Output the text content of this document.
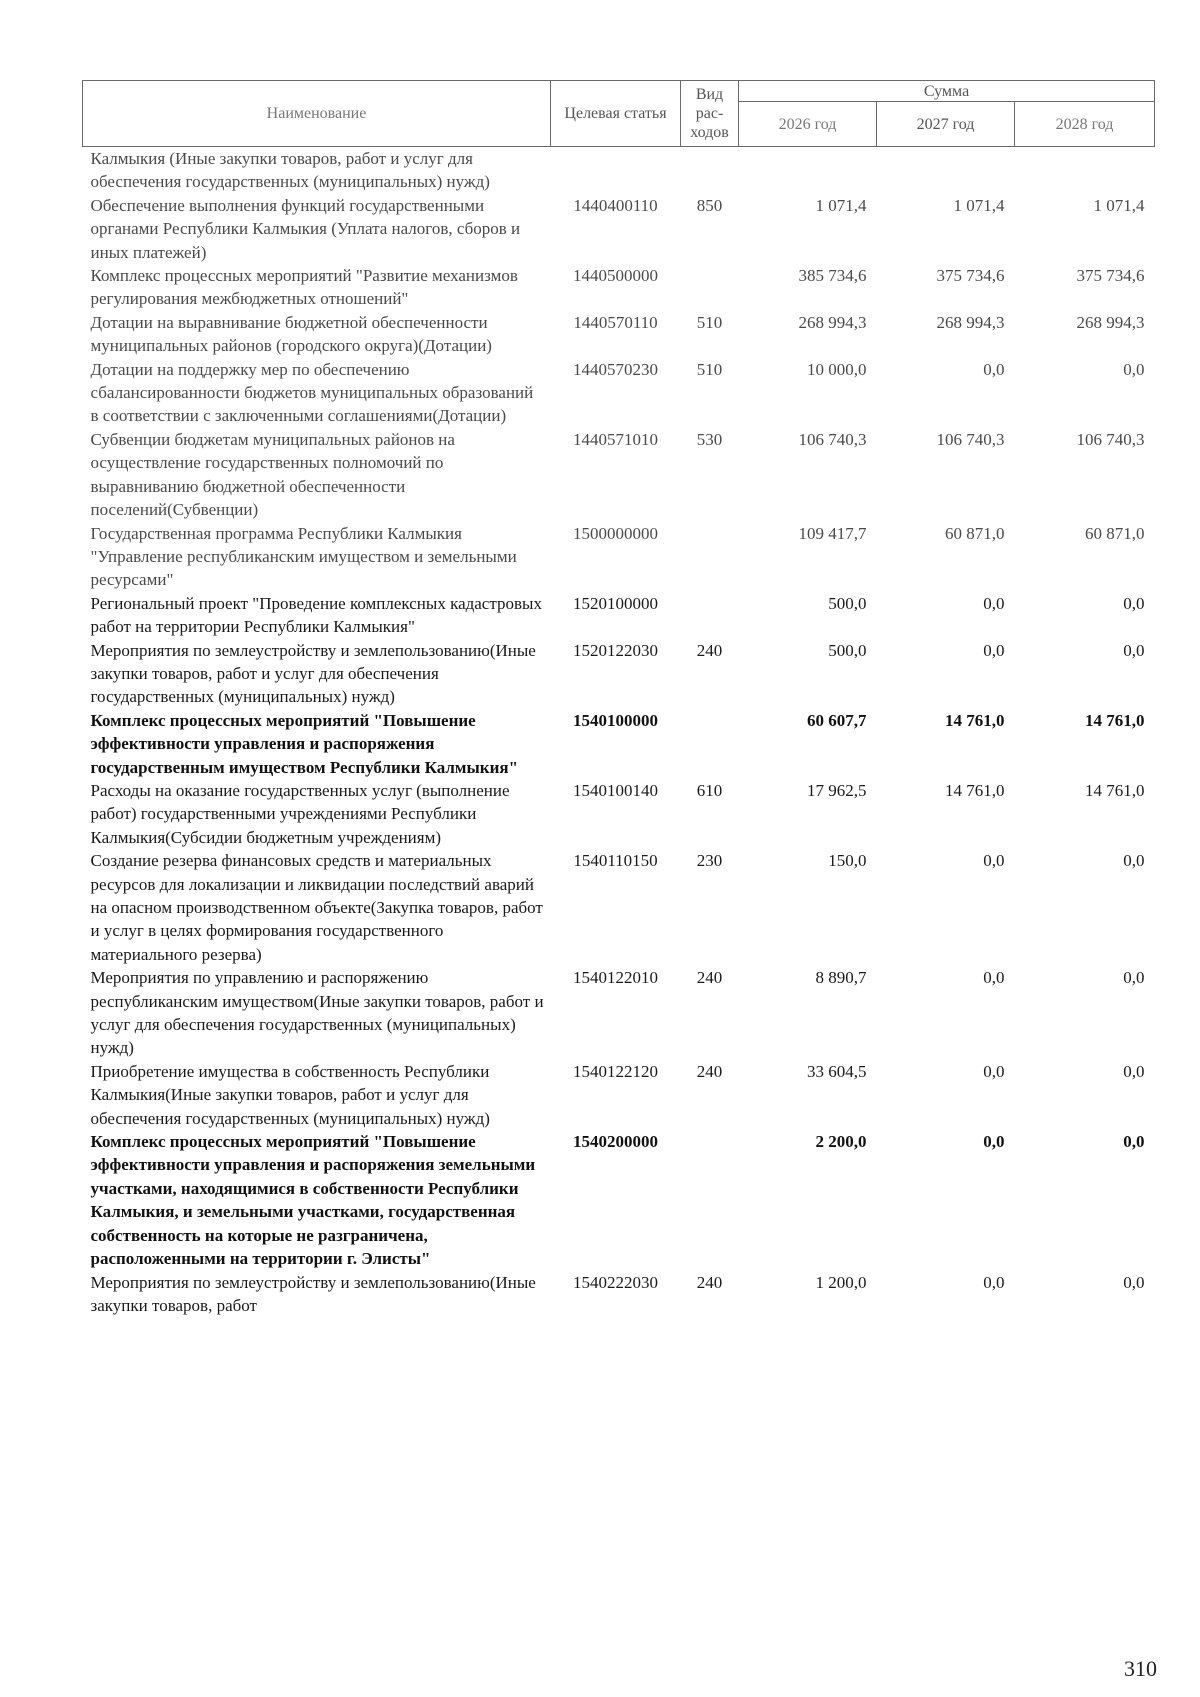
Наименование	Целевая статья	Вид рас-ходов	Сумма		
			2026 год	2027 год	2028 год
Калмыкия (Иные закупки товаров, работ и услуг для обеспечения государственных (муниципальных) нужд)					
Обеспечение выполнения функций государственными органами Республики Калмыкия (Уплата налогов, сборов и иных платежей)	1440400110	850	1 071,4	1 071,4	1 071,4
Комплекс процессных мероприятий "Развитие механизмов регулирования межбюджетных отношений"	1440500000		385 734,6	375 734,6	375 734,6
Дотации на выравнивание бюджетной обеспеченности муниципальных районов (городского округа)(Дотации)	1440570110	510	268 994,3	268 994,3	268 994,3
Дотации на поддержку мер по обеспечению сбалансированности бюджетов муниципальных образований в соответствии с заключенными соглашениями(Дотации)	1440570230	510	10 000,0	0,0	0,0
Субвенции бюджетам муниципальных районов на осуществление государственных полномочий по выравниванию бюджетной обеспеченности поселений(Субвенции)	1440571010	530	106 740,3	106 740,3	106 740,3
Государственная программа Республики Калмыкия "Управление республиканским имуществом и земельными ресурсами"	1500000000		109 417,7	60 871,0	60 871,0
Региональный проект "Проведение комплексных кадастровых работ на территории Республики Калмыкия"	1520100000		500,0	0,0	0,0
Мероприятия по землеустройству и землепользованию(Иные закупки товаров, работ и услуг для обеспечения государственных (муниципальных) нужд)	1520122030	240	500,0	0,0	0,0
Комплекс процессных мероприятий "Повышение эффективности управления и распоряжения государственным имуществом Республики Калмыкия"	1540100000		60 607,7	14 761,0	14 761,0
Расходы на оказание государственных услуг (выполнение работ) государственными учреждениями Республики Калмыкия(Субсидии бюджетным учреждениям)	1540100140	610	17 962,5	14 761,0	14 761,0
Создание резерва финансовых средств и материальных ресурсов для локализации и ликвидации последствий аварий на опасном производственном объекте(Закупка товаров, работ и услуг в целях формирования государственного материального резерва)	1540110150	230	150,0	0,0	0,0
Мероприятия по управлению и распоряжению республиканским имуществом(Иные закупки товаров, работ и услуг для обеспечения государственных (муниципальных) нужд)	1540122010	240	8 890,7	0,0	0,0
Приобретение имущества в собственность Республики Калмыкия(Иные закупки товаров, работ и услуг для обеспечения государственных (муниципальных) нужд)	1540122120	240	33 604,5	0,0	0,0
Комплекс процессных мероприятий "Повышение эффективности управления и распоряжения земельными участками, находящимися в собственности Республики Калмыкия, и земельными участками, государственная собственность на которые не разграничена, расположенными на территории г. Элисты"	1540200000		2 200,0	0,0	0,0
Мероприятия по землеустройству и землепользованию(Иные закупки товаров, работ	1540222030	240	1 200,0	0,0	0,0
310
